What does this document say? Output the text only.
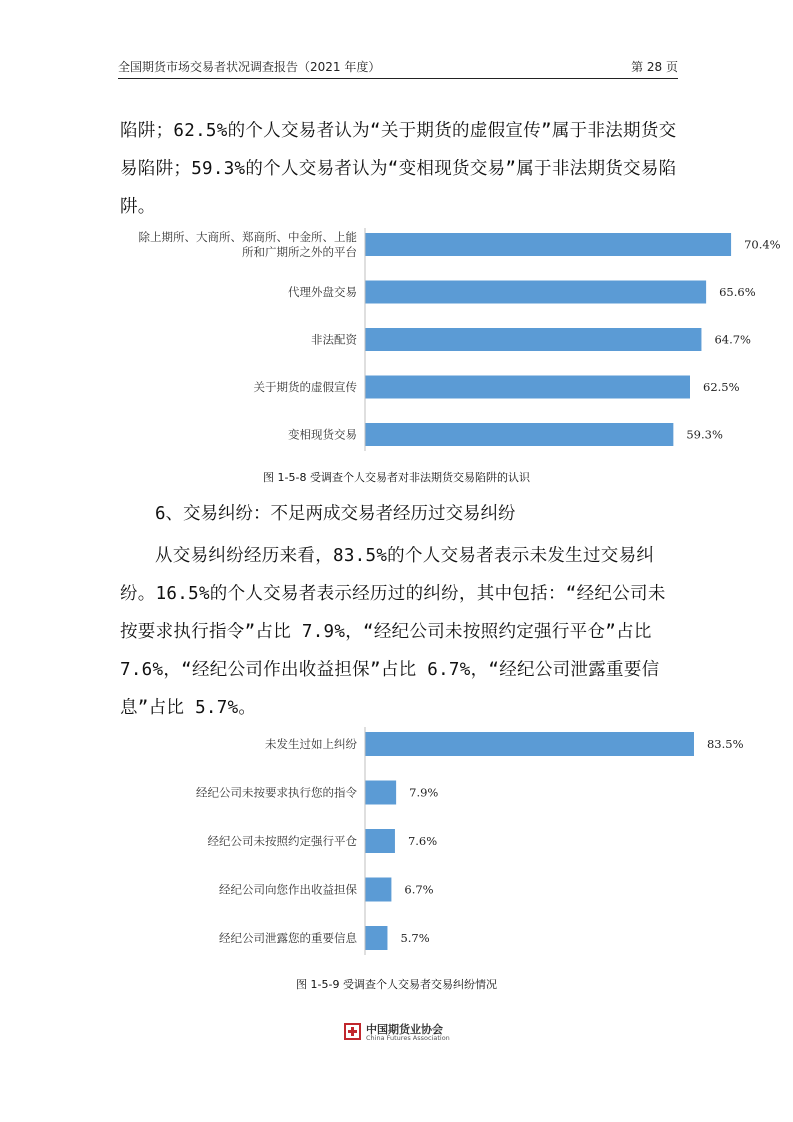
全国期货市场交易者状况调查报告（2021 年度）	第 28 页

陷阱；62.5%的个人交易者认为“关于期货的虚假宣传”属于非法期货交易陷阱；59.3%的个人交易者认为“变相现货交易”属于非法期货交易陷阱。

70.4%
除上期所、大商所、郑商所、中金所、上能
所和广期所之外的平台
65.6%
代理外盘交易
64.7%
非法配资
62.5%
关于期货的虚假宣传
59.3%
变相现货交易
图 1-5-8 受调查个人交易者对非法期货交易陷阱的认识

6、交易纠纷：不足两成交易者经历过交易纠纷

从交易纠纷经历来看，83.5%的个人交易者表示未发生过交易纠纷。16.5%的个人交易者表示经历过的纠纷，其中包括：“经纪公司未按要求执行指令”占比 7.9%，“经纪公司未按照约定强行平仓”占比 7.6%，“经纪公司作出收益担保”占比 6.7%，“经纪公司泄露重要信息”占比 5.7%。

83.5%
未发生过如上纠纷
7.9%
经纪公司未按要求执行您的指令
7.6%
经纪公司未按照约定强行平仓
6.7%
经纪公司向您作出收益担保
5.7%
经纪公司泄露您的重要信息
图 1-5-9 受调查个人交易者交易纠纷情况
中国期货业协会
China Futures Association
